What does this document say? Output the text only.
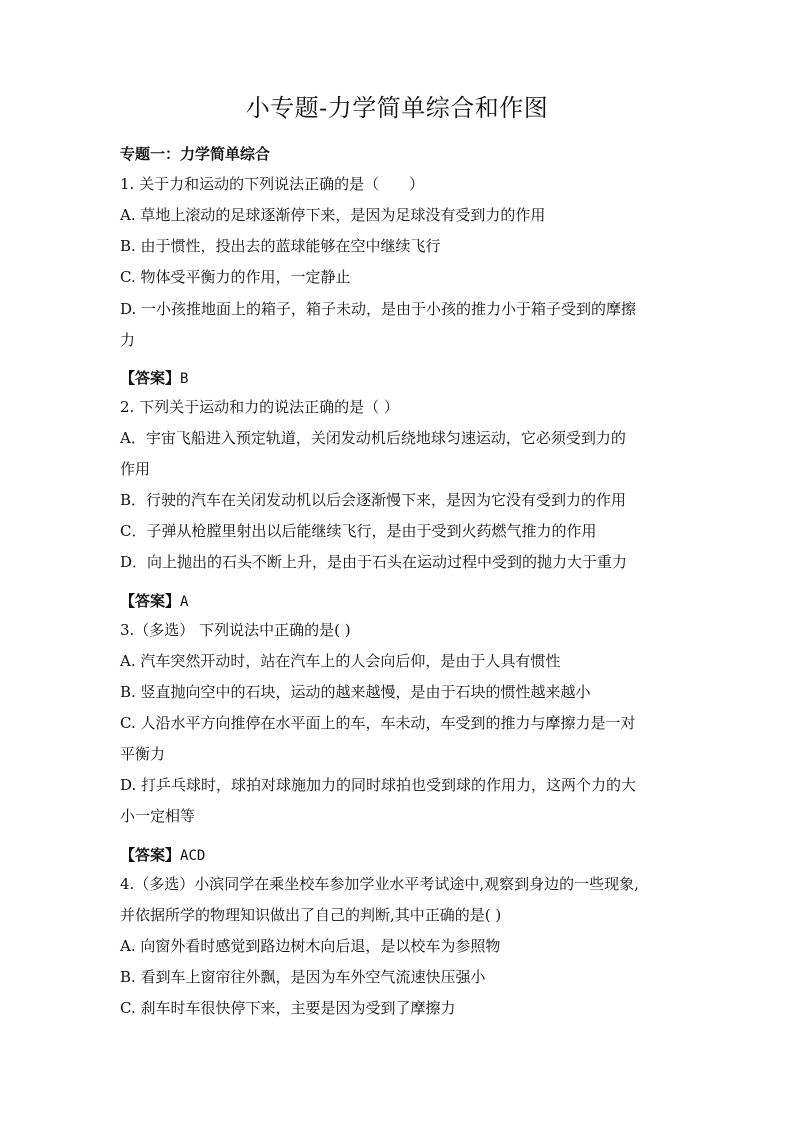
小专题-力学简单综合和作图
专题一：力学简单综合
1. 关于力和运动的下列说法正确的是（　　）
A. 草地上滚动的足球逐渐停下来，是因为足球没有受到力的作用
B. 由于惯性，投出去的蓝球能够在空中继续飞行
C. 物体受平衡力的作用，一定静止
D. 一小孩推地面上的箱子，箱子未动，是由于小孩的推力小于箱子受到的摩擦
力
【答案】B
2. 下列关于运动和力的说法正确的是（ ）
A．宇宙飞船进入预定轨道，关闭发动机后绕地球匀速运动，它必须受到力的
作用
B．行驶的汽车在关闭发动机以后会逐渐慢下来，是因为它没有受到力的作用
C．子弹从枪膛里射出以后能继续飞行，是由于受到火药燃气推力的作用
D．向上抛出的石头不断上升，是由于石头在运动过程中受到的抛力大于重力
【答案】A
3.（多选） 下列说法中正确的是( )
A. 汽车突然开动时，站在汽车上的人会向后仰，是由于人具有惯性
B. 竖直抛向空中的石块，运动的越来越慢，是由于石块的惯性越来越小
C. 人沿水平方向推停在水平面上的车，车未动，车受到的推力与摩擦力是一对
平衡力
D. 打乒乓球时，球拍对球施加力的同时球拍也受到球的作用力，这两个力的大
小一定相等
【答案】ACD
4.（多选）小滨同学在乘坐校车参加学业水平考试途中,观察到身边的一些现象,
并依据所学的物理知识做出了自己的判断,其中正确的是( )
A. 向窗外看时感觉到路边树木向后退，是以校车为参照物
B. 看到车上窗帘往外飘，是因为车外空气流速快压强小
C. 刹车时车很快停下来，主要是因为受到了摩擦力
